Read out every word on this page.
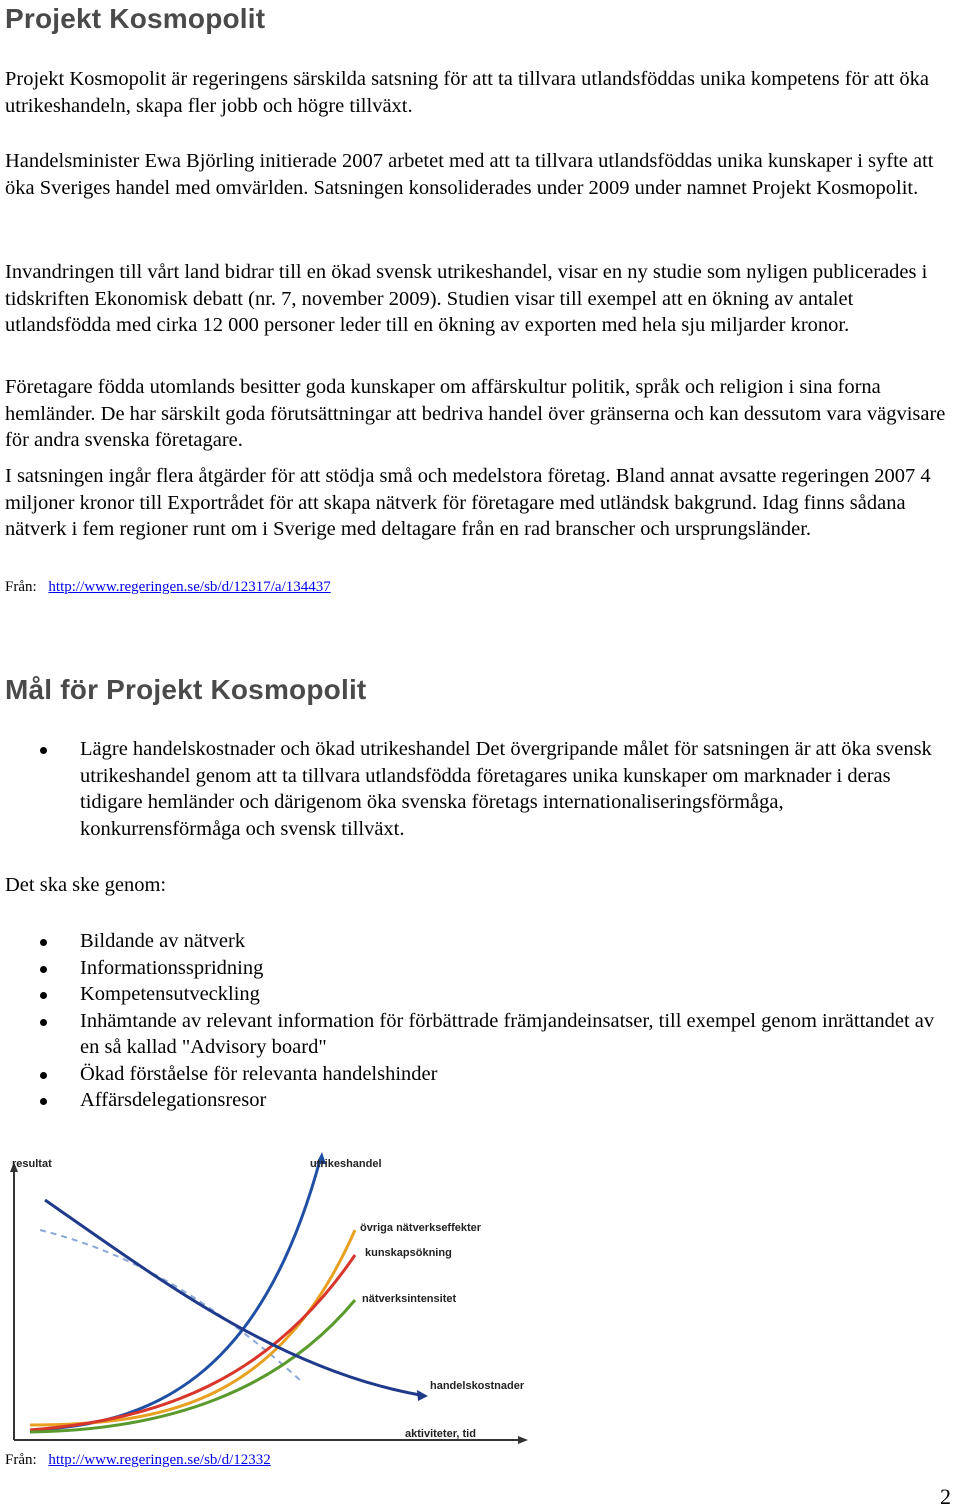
Projekt Kosmopolit

Projekt Kosmopolit är regeringens särskilda satsning för att ta tillvara utlandsföddas unika kompetens för att öka utrikeshandeln, skapa fler jobb och högre tillväxt.

Handelsminister Ewa Björling initierade 2007 arbetet med att ta tillvara utlandsföddas unika kunskaper i syfte att öka Sveriges handel med omvärlden. Satsningen konsoliderades under 2009 under namnet Projekt Kosmopolit.

Invandringen till vårt land bidrar till en ökad svensk utrikeshandel, visar en ny studie som nyligen publicerades i tidskriften Ekonomisk debatt (nr. 7, november 2009). Studien visar till exempel att en ökning av antalet utlandsfödda med cirka 12 000 personer leder till en ökning av exporten med hela sju miljarder kronor.

Företagare födda utomlands besitter goda kunskaper om affärskultur politik, språk och religion i sina forna hemländer. De har särskilt goda förutsättningar att bedriva handel över gränserna och kan dessutom vara vägvisare för andra svenska företagare.

I satsningen ingår flera åtgärder för att stödja små och medelstora företag. Bland annat avsatte regeringen 2007 4 miljoner kronor till Exportrådet för att skapa nätverk för företagare med utländsk bakgrund. Idag finns sådana nätverk i fem regioner runt om i Sverige med deltagare från en rad branscher och ursprungsländer.

Från: http://www.regeringen.se/sb/d/12317/a/134437
Mål för Projekt Kosmopolit
Lägre handelskostnader och ökad utrikeshandel Det övergripande målet för satsningen är att öka svensk utrikeshandel genom att ta tillvara utlandsfödda företagares unika kunskaper om marknader i deras tidigare hemländer och därigenom öka svenska företags internationaliseringsförmåga, konkurrensförmåga och svensk tillväxt.
Det ska ske genom:
Bildande av nätverk
Informationsspridning
Kompetensutveckling
Inhämtande av relevant information för förbättrade främjandeinsatser, till exempel genom inrättandet av en så kallad "Advisory board"
Ökad förståelse för relevanta handelshinder
Affärsdelegationsresor
resultat
aktiviteter, tid
utrikeshandel
övriga nätverkseffekter
kunskapsökning
nätverksintensitet
handelskostnader
Från: http://www.regeringen.se/sb/d/12332
2
